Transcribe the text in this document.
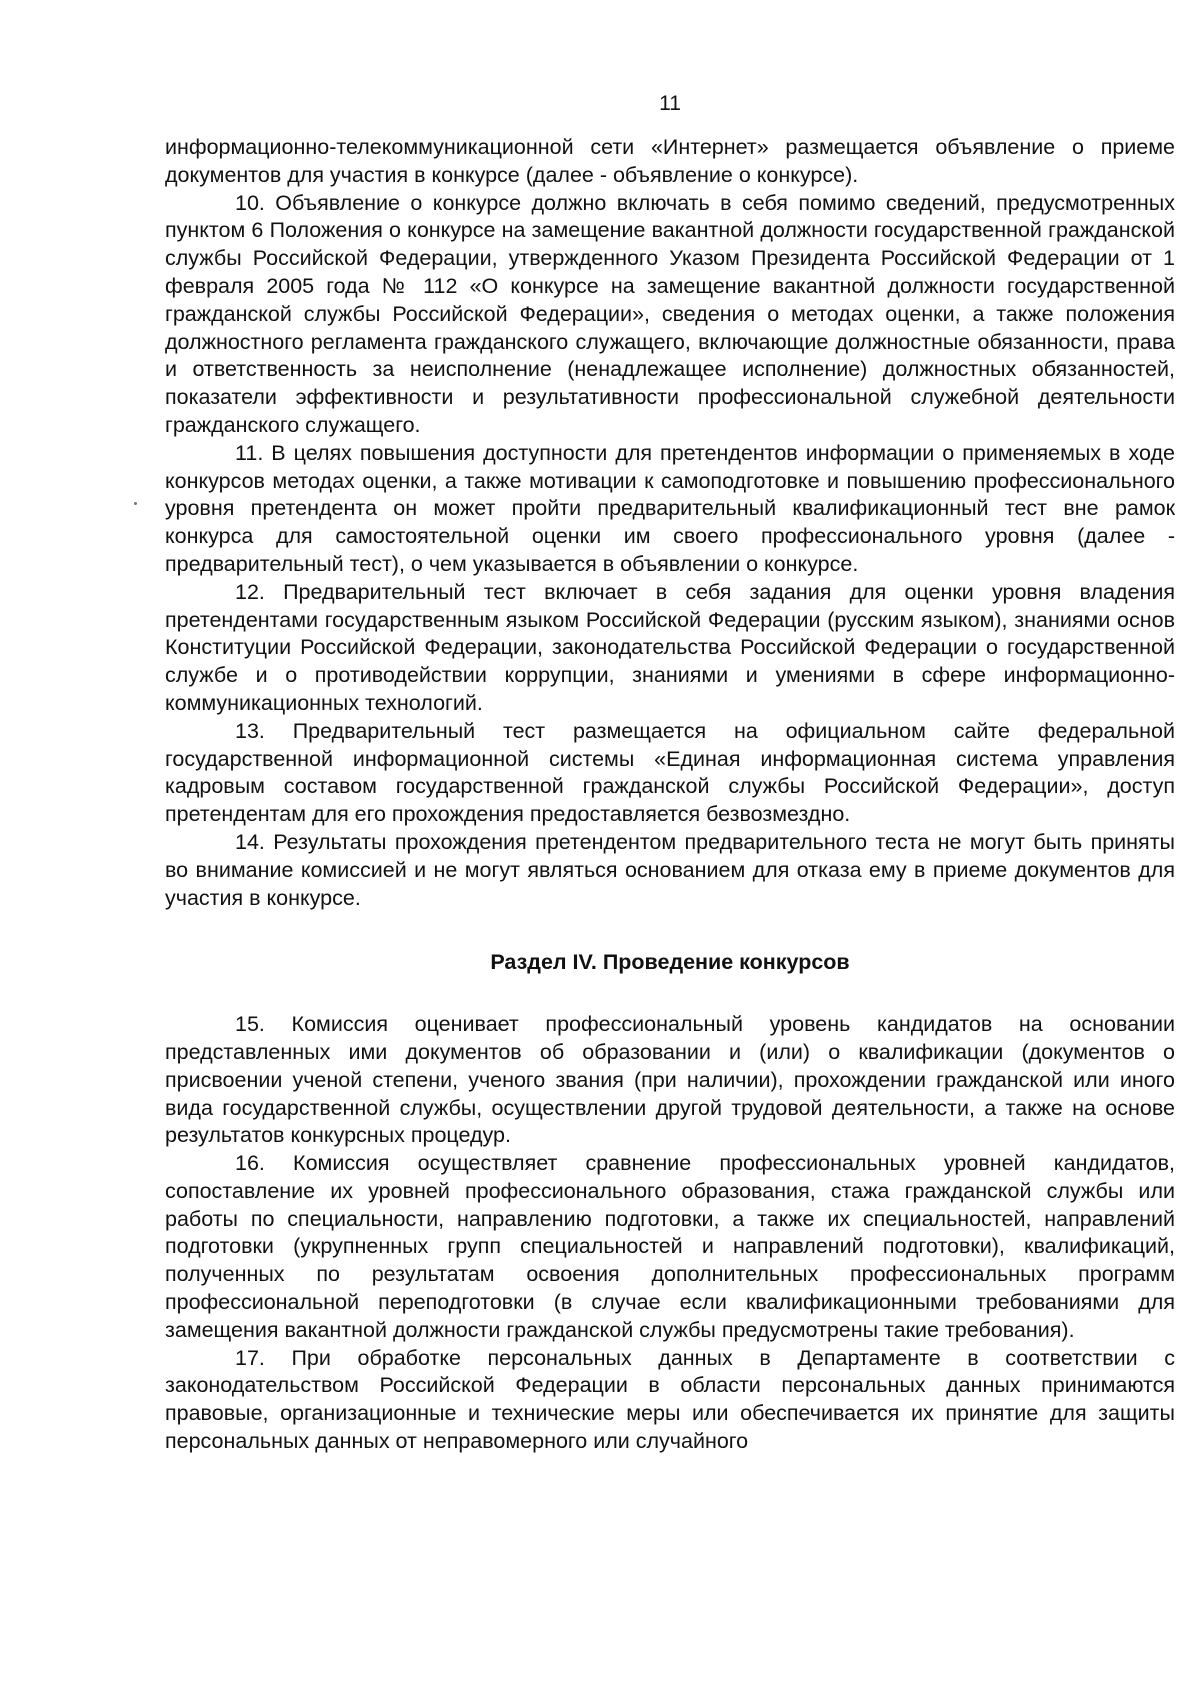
11

информационно-телекоммуникационной сети «Интернет» размещается объявление о приеме документов для участия в конкурсе (далее - объявление о конкурсе).

10. Объявление о конкурсе должно включать в себя помимо сведений, предусмотренных пунктом 6 Положения о конкурсе на замещение вакантной должности государственной гражданской службы Российской Федерации, утвержденного Указом Президента Российской Федерации от 1 февраля 2005 года № 112 «О конкурсе на замещение вакантной должности государственной гражданской службы Российской Федерации», сведения о методах оценки, а также положения должностного регламента гражданского служащего, включающие должностные обязанности, права и ответственность за неисполнение (ненадлежащее исполнение) должностных обязанностей, показатели эффективности и результативности профессиональной служебной деятельности гражданского служащего.

11. В целях повышения доступности для претендентов информации о применяемых в ходе конкурсов методах оценки, а также мотивации к самоподготовке и повышению профессионального уровня претендента он может пройти предварительный квалификационный тест вне рамок конкурса для самостоятельной оценки им своего профессионального уровня (далее - предварительный тест), о чем указывается в объявлении о конкурсе.

12. Предварительный тест включает в себя задания для оценки уровня владения претендентами государственным языком Российской Федерации (русским языком), знаниями основ Конституции Российской Федерации, законодательства Российской Федерации о государственной службе и о противодействии коррупции, знаниями и умениями в сфере информационно-коммуникационных технологий.

13. Предварительный тест размещается на официальном сайте федеральной государственной информационной системы «Единая информационная система управления кадровым составом государственной гражданской службы Российской Федерации», доступ претендентам для его прохождения предоставляется безвозмездно.

14. Результаты прохождения претендентом предварительного теста не могут быть приняты во внимание комиссией и не могут являться основанием для отказа ему в приеме документов для участия в конкурсе.

Раздел IV. Проведение конкурсов

15. Комиссия оценивает профессиональный уровень кандидатов на основании представленных ими документов об образовании и (или) о квалификации (документов о присвоении ученой степени, ученого звания (при наличии), прохождении гражданской или иного вида государственной службы, осуществлении другой трудовой деятельности, а также на основе результатов конкурсных процедур.

16. Комиссия осуществляет сравнение профессиональных уровней кандидатов, сопоставление их уровней профессионального образования, стажа гражданской службы или работы по специальности, направлению подготовки, а также их специальностей, направлений подготовки (укрупненных групп специальностей и направлений подготовки), квалификаций, полученных по результатам освоения дополнительных профессиональных программ профессиональной переподготовки (в случае если квалификационными требованиями для замещения вакантной должности гражданской службы предусмотрены такие требования).

17. При обработке персональных данных в Департаменте в соответствии с законодательством Российской Федерации в области персональных данных принимаются правовые, организационные и технические меры или обеспечивается их принятие для защиты персональных данных от неправомерного или случайного
